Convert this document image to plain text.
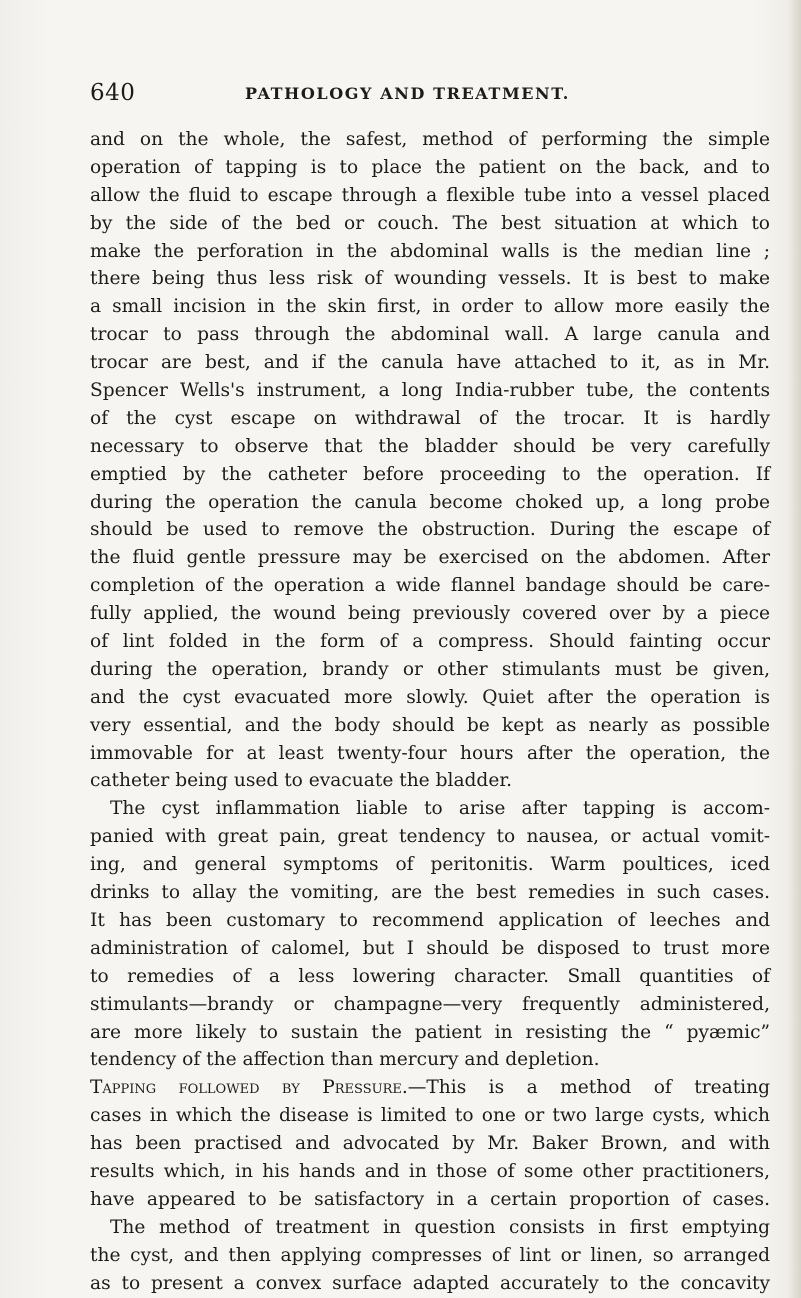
640	PATHOLOGY AND TREATMENT.
and on the whole, the safest, method of performing the simple
operation of tapping is to place the patient on the back, and to
allow the fluid to escape through a flexible tube into a vessel placed
by the side of the bed or couch. The best situation at which to
make the perforation in the abdominal walls is the median line ;
there being thus less risk of wounding vessels. It is best to make
a small incision in the skin first, in order to allow more easily the
trocar to pass through the abdominal wall. A large canula and
trocar are best, and if the canula have attached to it, as in Mr.
Spencer Wells's instrument, a long India-rubber tube, the contents
of the cyst escape on withdrawal of the trocar. It is hardly
necessary to observe that the bladder should be very carefully
emptied by the catheter before proceeding to the operation. If
during the operation the canula become choked up, a long probe
should be used to remove the obstruction. During the escape of
the fluid gentle pressure may be exercised on the abdomen. After
completion of the operation a wide flannel bandage should be care-
fully applied, the wound being previously covered over by a piece
of lint folded in the form of a compress. Should fainting occur
during the operation, brandy or other stimulants must be given,
and the cyst evacuated more slowly. Quiet after the operation is
very essential, and the body should be kept as nearly as possible
immovable for at least twenty-four hours after the operation, the
catheter being used to evacuate the bladder.
The cyst inflammation liable to arise after tapping is accom-
panied with great pain, great tendency to nausea, or actual vomit-
ing, and general symptoms of peritonitis. Warm poultices, iced
drinks to allay the vomiting, are the best remedies in such cases.
It has been customary to recommend application of leeches and
administration of calomel, but I should be disposed to trust more
to remedies of a less lowering character. Small quantities of
stimulants—brandy or champagne—very frequently administered,
are more likely to sustain the patient in resisting the “ pyæmic”
tendency of the affection than mercury and depletion.
Tapping followed by Pressure.—This is a method of treating
cases in which the disease is limited to one or two large cysts, which
has been practised and advocated by Mr. Baker Brown, and with
results which, in his hands and in those of some other practitioners,
have appeared to be satisfactory in a certain proportion of cases.
The method of treatment in question consists in first emptying
the cyst, and then applying compresses of lint or linen, so arranged
as to present a convex surface adapted accurately to the concavity
